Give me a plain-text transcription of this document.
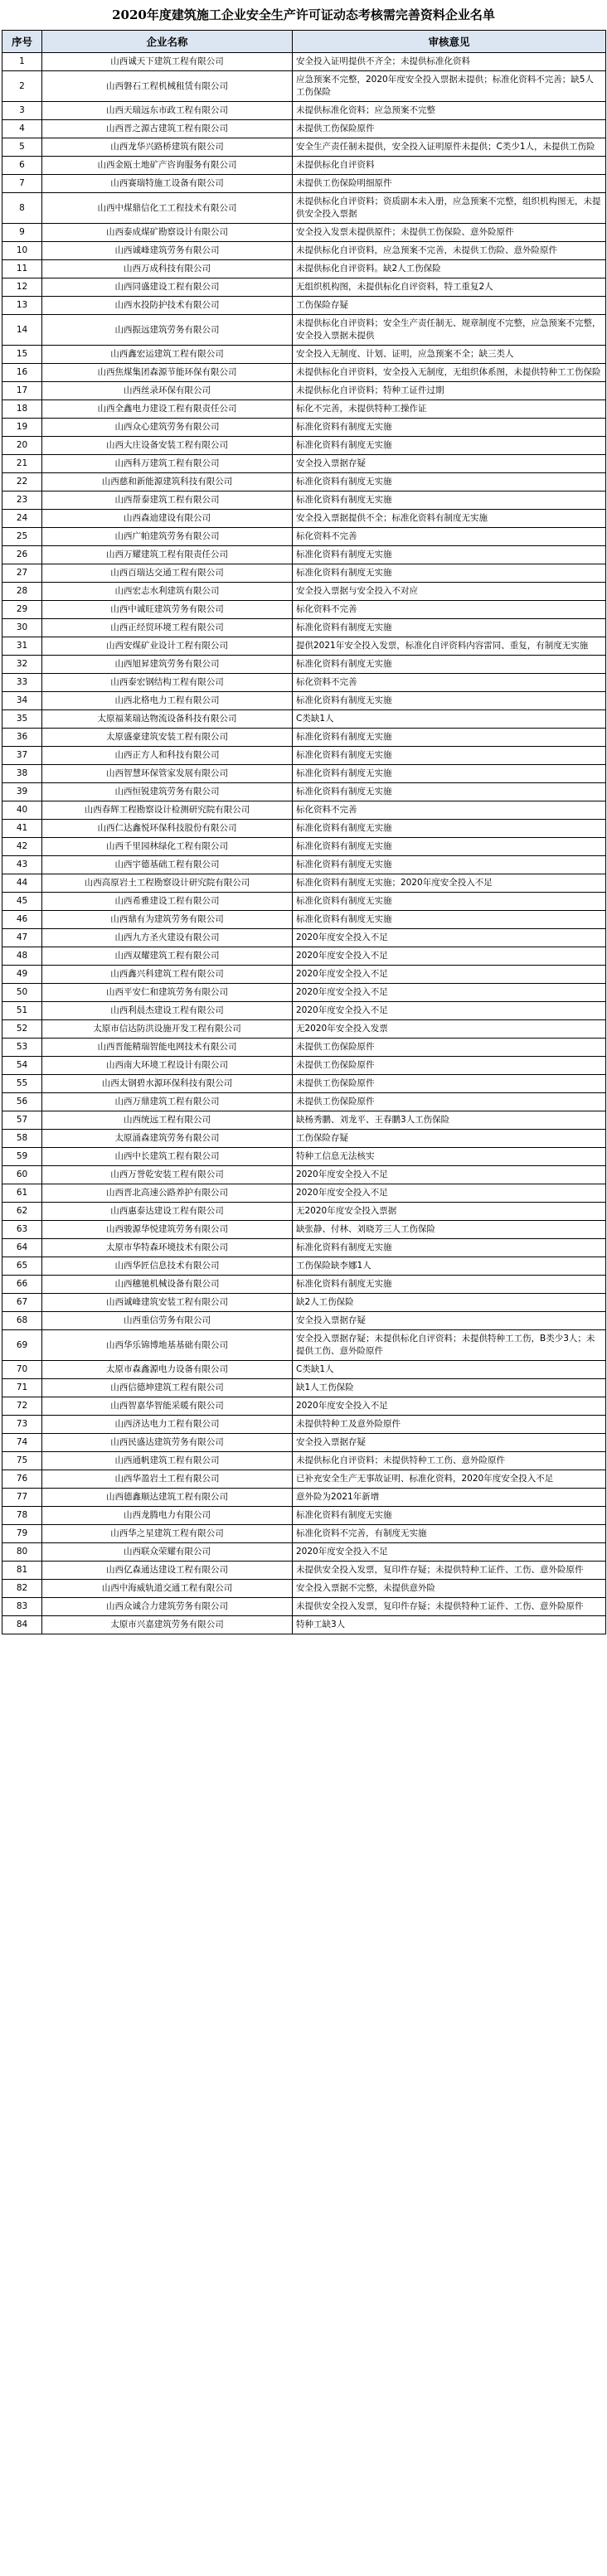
2020年度建筑施工企业安全生产许可证动态考核需完善资料企业名单
序号	企业名称	审核意见
1	山西诚天下建筑工程有限公司	安全投入证明提供不齐全；未提供标准化资料
2	山西磐石工程机械租赁有限公司	应急预案不完整，2020年度安全投入票据未提供；标准化资料不完善；缺5人工伤保险
3	山西天瑞远东市政工程有限公司	未提供标准化资料；应急预案不完整
4	山西晋之源古建筑工程有限公司	未提供工伤保险原件
5	山西龙华兴路桥建筑有限公司	安全生产责任制未提供，安全投入证明原件未提供；C类少1人，未提供工伤险
6	山西金瓯土地矿产咨询服务有限公司	未提供标化自评资料
7	山西赛瑞特施工设备有限公司	未提供工伤保险明细原件
8	山西中煤鼎信化工工程技术有限公司	未提供标化自评资料；资质副本未入册，应急预案不完整，组织机构图无，未提供安全投入票据
9	山西泰成煤矿勘察设计有限公司	安全投入发票未提供原件；未提供工伤保险、意外险原件
10	山西诚峰建筑劳务有限公司	未提供标化自评资料，应急预案不完善，未提供工伤险、意外险原件
11	山西万成科技有限公司	未提供标化自评资料。缺2人工伤保险
12	山西同盛建设工程有限公司	无组织机构图，未提供标化自评资料，特工重复2人
13	山西水投防护技术有限公司	工伤保险存疑
14	山西振远建筑劳务有限公司	未提供标化自评资料；安全生产责任制无、规章制度不完整，应急预案不完整，安全投入票据未提供
15	山西鑫宏运建筑工程有限公司	安全投入无制度、计划、证明，应急预案不全；缺三类人
16	山西焦煤集团森源节能环保有限公司	未提供标化自评资料，安全投入无制度，无组织体系图，未提供特种工工伤保险
17	山西丝录环保有限公司	未提供标化自评资料；特种工证件过期
18	山西全鑫电力建设工程有限责任公司	标化不完善，未提供特种工操作证
19	山西众心建筑劳务有限公司	标准化资料有制度无实施
20	山西大庄设备安装工程有限公司	标准化资料有制度无实施
21	山西科万建筑工程有限公司	安全投入票据存疑
22	山西慈和新能源建筑科技有限公司	标准化资料有制度无实施
23	山西帮泰建筑工程有限公司	标准化资料有制度无实施
24	山西森迪建设有限公司	安全投入票据提供不全；标准化资料有制度无实施
25	山西广帕建筑劳务有限公司	标化资料不完善
26	山西万耀建筑工程有限责任公司	标准化资料有制度无实施
27	山西百瑞达交通工程有限公司	标准化资料有制度无实施
28	山西宏志水利建筑有限公司	安全投入票据与安全投入不对应
29	山西中诚旺建筑劳务有限公司	标化资料不完善
30	山西正经贸环境工程有限公司	标准化资料有制度无实施
31	山西安煤矿业设计工程有限公司	提供2021年安全投入发票，标准化自评资料内容雷同、重复，有制度无实施
32	山西旭昇建筑劳务有限公司	标准化资料有制度无实施
33	山西泰宏钢结构工程有限公司	标化资料不完善
34	山西北格电力工程有限公司	标准化资料有制度无实施
35	太原福莱瑞达物流设备科技有限公司	C类缺1人
36	太原盛豪建筑安装工程有限公司	标准化资料有制度无实施
37	山西正方人和科技有限公司	标准化资料有制度无实施
38	山西智慧环保管家发展有限公司	标准化资料有制度无实施
39	山西恒锐建筑劳务有限公司	标准化资料有制度无实施
40	山西春辉工程勘察设计检测研究院有限公司	标化资料不完善
41	山西仁达鑫悦环保科技股份有限公司	标准化资料有制度无实施
42	山西千里园林绿化工程有限公司	标准化资料有制度无实施
43	山西宇德基础工程有限公司	标准化资料有制度无实施
44	山西高原岩土工程勘察设计研究院有限公司	标准化资料有制度无实施；2020年度安全投入不足
45	山西希雅建设工程有限公司	标准化资料有制度无实施
46	山西鼎有为建筑劳务有限公司	标准化资料有制度无实施
47	山西九方圣火建设有限公司	2020年度安全投入不足
48	山西双耀建筑工程有限公司	2020年度安全投入不足
49	山西鑫兴科建筑工程有限公司	2020年度安全投入不足
50	山西平安仁和建筑劳务有限公司	2020年度安全投入不足
51	山西利晨杰建设工程有限公司	2020年度安全投入不足
52	太原市信达防洪设施开发工程有限公司	无2020年安全投入发票
53	山西晋能精瑞智能电网技术有限公司	未提供工伤保险原件
54	山西南大环境工程设计有限公司	未提供工伤保险原件
55	山西太钢碧水源环保科技有限公司	未提供工伤保险原件
56	山西万鼎建筑工程有限公司	未提供工伤保险原件
57	山西统远工程有限公司	缺杨秀鹏、刘龙平、王春鹏3人工伤保险
58	太原涌森建筑劳务有限公司	工伤保险存疑
59	山西中长建筑工程有限公司	特种工信息无法核实
60	山西万誉乾安装工程有限公司	2020年度安全投入不足
61	山西晋北高速公路养护有限公司	2020年度安全投入不足
62	山西惠泰达建设工程有限公司	无2020年度安全投入票据
63	山西骏源华悦建筑劳务有限公司	缺张静、付林、刘晓芳三人工伤保险
64	太原市华特森环境技术有限公司	标准化资料有制度无实施
65	山西华匠信息技术有限公司	工伤保险缺李娜1人
66	山西穗驰机械设备有限公司	标准化资料有制度无实施
67	山西诚峰建筑安装工程有限公司	缺2人工伤保险
68	山西重信劳务有限公司	安全投入票据存疑
69	山西华乐锦博地基基础有限公司	安全投入票据存疑；未提供标化自评资料；未提供特种工工伤，B类少3人；未提供工伤、意外险原件
70	太原市森鑫源电力设备有限公司	C类缺1人
71	山西信德坤建筑工程有限公司	缺1人工伤保险
72	山西智嘉华智能采暖有限公司	2020年度安全投入不足
73	山西济达电力工程有限公司	未提供特种工及意外险原件
74	山西民盛达建筑劳务有限公司	安全投入票据存疑
75	山西通帆建筑工程有限公司	未提供标化自评资料；未提供特种工工伤、意外险原件
76	山西华盈岩土工程有限公司	已补充安全生产无事故证明、标准化资料，2020年度安全投入不足
77	山西德鑫顺达建筑工程有限公司	意外险为2021年新增
78	山西龙腾电力有限公司	标准化资料有制度无实施
79	山西华之星建筑工程有限公司	标准化资料不完善，有制度无实施
80	山西联众荣耀有限公司	2020年度安全投入不足
81	山西亿森通达建设工程有限公司	未提供安全投入发票，复印件存疑；未提供特种工证件、工伤、意外险原件
82	山西中海威轨道交通工程有限公司	安全投入票据不完整，未提供意外险
83	山西众诚合力建筑劳务有限公司	未提供安全投入发票，复印件存疑；未提供特种工证件、工伤、意外险原件
84	太原市兴嘉建筑劳务有限公司	特种工缺3人
